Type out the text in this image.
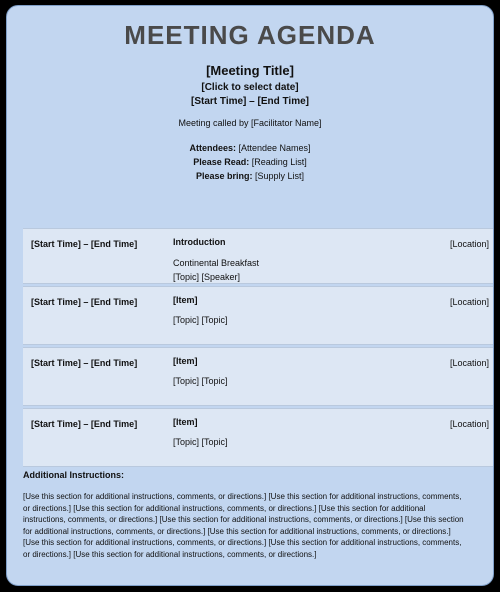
MEETING AGENDA
[Meeting Title]
[Click to select date]
[Start Time] – [End Time]
Meeting called by [Facilitator Name]
Attendees: [Attendee Names]
Please Read: [Reading List]
Please bring: [Supply List]
[Start Time] – [End Time]	Introduction	[Location]
Continental Breakfast
[Topic] [Speaker]
[Start Time] – [End Time]	[Item]	[Location]
[Topic] [Topic]
[Start Time] – [End Time]	[Item]	[Location]
[Topic] [Topic]
[Start Time] – [End Time]	[Item]	[Location]
[Topic] [Topic]
Additional Instructions:
[Use this section for additional instructions, comments, or directions.] [Use this section for additional instructions, comments, or directions.] [Use this section for additional instructions, comments, or directions.] [Use this section for additional instructions, comments, or directions.] [Use this section for additional instructions, comments, or directions.] [Use this section for additional instructions, comments, or directions.] [Use this section for additional instructions, comments, or directions.] [Use this section for additional instructions, comments, or directions.] [Use this section for additional instructions, comments, or directions.] [Use this section for additional instructions, comments, or directions.]
